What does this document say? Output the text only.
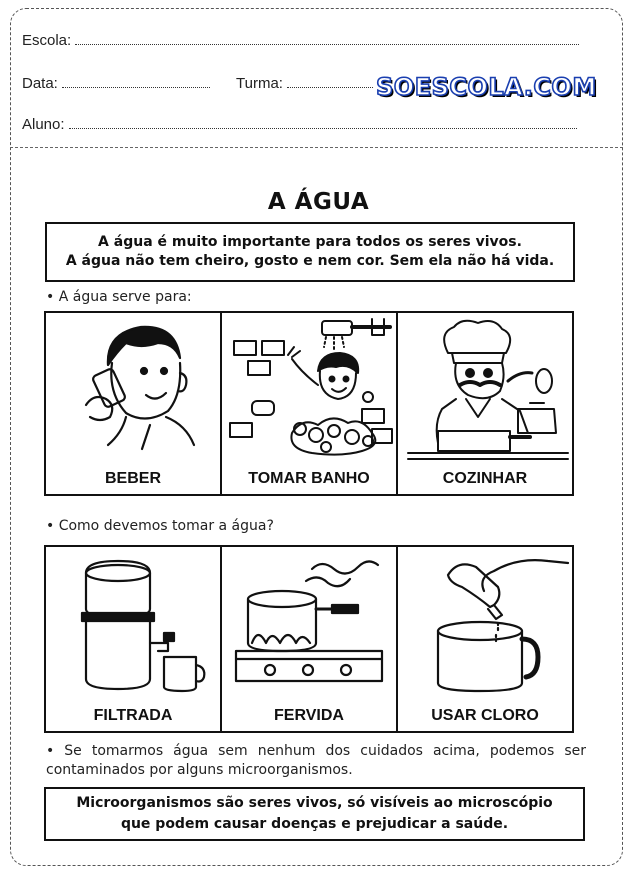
Escola:
Data:	Turma:	SOESCOLA.COM
Aluno:
A ÁGUA
A água é muito importante para todos os seres vivos.
A água não tem cheiro, gosto e nem cor. Sem ela não há vida.
• A água serve para:
BEBER	TOMAR BANHO	COZINHAR
• Como devemos tomar a água?
FILTRADA	FERVIDA	USAR CLORO
• Se tomarmos água sem nenhum dos cuidados acima, podemos ser contaminados por alguns microorganismos.
Microorganismos são seres vivos, só visíveis ao microscópio
que podem causar doenças e prejudicar a saúde.
